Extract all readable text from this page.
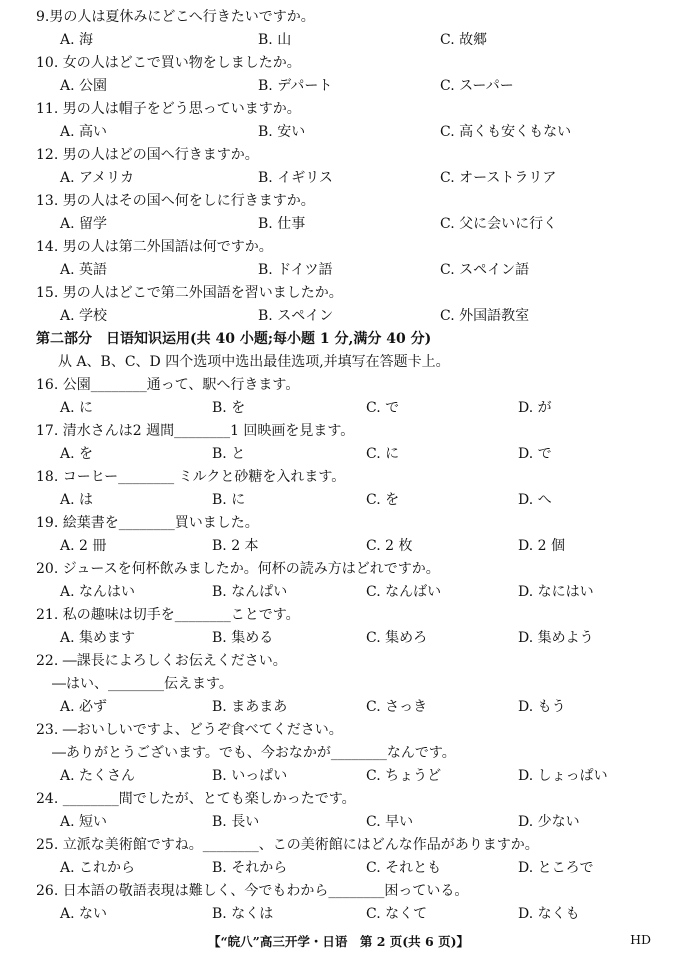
9.男の人は夏休みにどこへ行きたいですか。
A. 海	B. 山	C. 故郷
10. 女の人はどこで買い物をしましたか。
A. 公園	B. デパート	C. スーパー
11. 男の人は帽子をどう思っていますか。
A. 高い	B. 安い	C. 高くも安くもない
12. 男の人はどの国へ行きますか。
A. アメリカ	B. イギリス	C. オーストラリア
13. 男の人はその国へ何をしに行きますか。
A. 留学	B. 仕事	C. 父に会いに行く
14. 男の人は第二外国語は何ですか。
A. 英語	B. ドイツ語	C. スペイン語
15. 男の人はどこで第二外国語を習いましたか。
A. 学校	B. スペイン	C. 外国語教室
第二部分　日语知识运用(共 40 小题;每小题 1 分,满分 40 分)
从 A、B、C、D 四个选项中选出最佳选项,并填写在答题卡上。
16. 公園________通って、駅へ行きます。
A. に	B. を	C. で	D. が
17. 清水さんは2 週間________1 回映画を見ます。
A. を	B. と	C. に	D. で
18. コーヒー________ ミルクと砂糖を入れます。
A. は	B. に	C. を	D. へ
19. 絵葉書を________買いました。
A. 2 冊	B. 2 本	C. 2 枚	D. 2 個
20. ジュースを何杯飲みましたか。何杯の読み方はどれですか。
A. なんはい	B. なんぱい	C. なんばい	D. なにはい
21. 私の趣味は切手を________ことです。
A. 集めます	B. 集める	C. 集めろ	D. 集めよう
22. ―課長によろしくお伝えください。
―はい、________伝えます。
A. 必ず	B. まあまあ	C. さっき	D. もう
23. ―おいしいですよ、どうぞ食べてください。
―ありがとうございます。でも、今おなかが________なんです。
A. たくさん	B. いっぱい	C. ちょうど	D. しょっぱい
24. ________間でしたが、とても楽しかったです。
A. 短い	B. 長い	C. 早い	D. 少ない
25. 立派な美術館ですね。________、この美術館にはどんな作品がありますか。
A. これから	B. それから	C. それとも	D. ところで
26. 日本語の敬語表現は難しく、今でもわから________困っている。
A. ない	B. なくは	C. なくて	D. なくも
【“皖八”高三开学・日语　第 2 页(共 6 页)】	HD
